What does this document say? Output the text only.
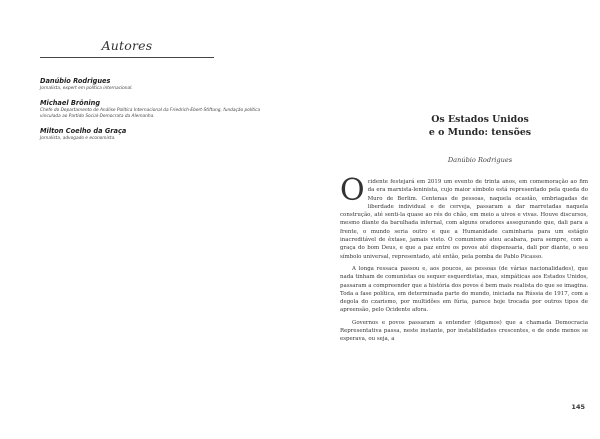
Autores
Danúbio Rodrigues
Jornalista, expert em política internacional.
Michael Bröning
Chefe do Departamento de Análise Política Internacional da Friedrich-Ebert-Stiftung, fundação política vinculada ao Partido Social-Democrata da Alemanha.
Milton Coelho da Graça
Jornalista, advogado e economista.
Os Estados Unidos
e o Mundo: tensões
Danúbio Rodrigues

Ocidente festejará em 2019 um evento de trinta anos, em comemoração ao fim da era marxista-leninista, cujo maior símbolo está representado pela queda do Muro de Berlim. Centenas de pessoas, naquela ocasião, embriagadas de liberdade individual e de cerveja, passaram a dar marretadas naquela construção, até senti-la quase ao rés do chão, em meio a uivos e vivas. Houve discursos, mesmo diante da barulhada infernal, com alguns oradores assegurando que, dali para a frente, o mundo seria outro e que a Humanidade caminharia para um estágio inacreditável de êxtase, jamais visto. O comunismo ateu acabara, para sempre, com a graça do bom Deus, e que a paz entre os povos até dispensaria, dali por diante, o seu símbolo universal, representado, até então, pela pomba de Pablo Picasso.

A longa ressaca passou e, aos poucos, as pessoas (de várias nacionalidades), que nada tinham de comunistas ou sequer esquerdistas, mas, simpáticas aos Estados Unidos, passaram a compreender que a história dos povos é bem mais realista do que se imagina. Toda a fase política, em determinada parte do mundo, iniciada na Rússia de 1917, com a degola do czarismo, por multidões em fúria, parece hoje trocada por outros tipos de apreensão, pelo Ocidente afora.

Governos e povos passaram a entender (digamos) que a chamada Democracia Representativa passa, neste instante, por instabilidades crescentes, e de onde menos se esperava, ou seja, a

145
